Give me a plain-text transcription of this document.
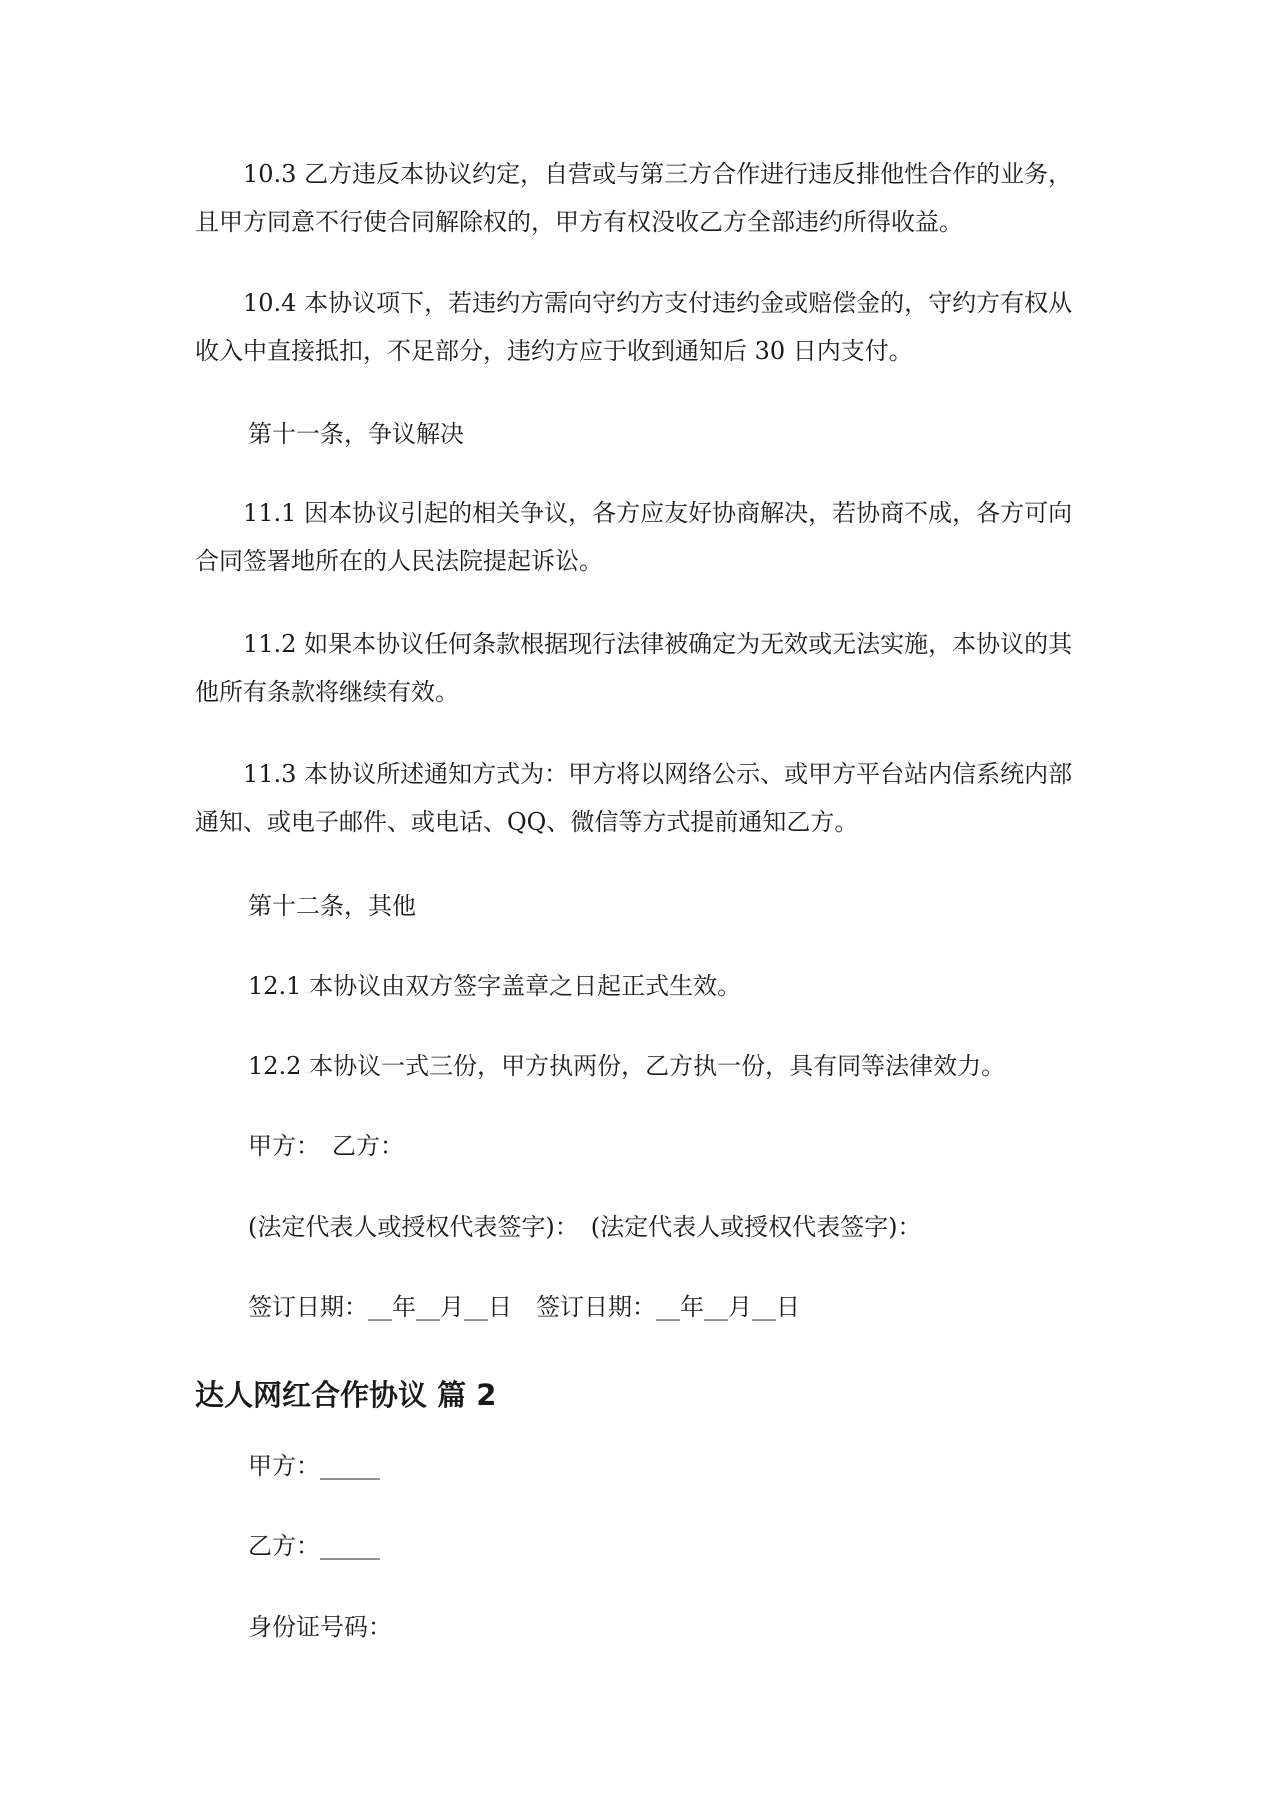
10.3 乙方违反本协议约定，自营或与第三方合作进行违反排他性合作的业务，且甲方同意不行使合同解除权的，甲方有权没收乙方全部违约所得收益。

10.4 本协议项下，若违约方需向守约方支付违约金或赔偿金的，守约方有权从收入中直接抵扣，不足部分，违约方应于收到通知后 30 日内支付。

第十一条，争议解决

11.1 因本协议引起的相关争议，各方应友好协商解决，若协商不成，各方可向合同签署地所在的人民法院提起诉讼。

11.2 如果本协议任何条款根据现行法律被确定为无效或无法实施，本协议的其他所有条款将继续有效。

11.3 本协议所述通知方式为：甲方将以网络公示、或甲方平台站内信系统内部通知、或电子邮件、或电话、QQ、微信等方式提前通知乙方。

第十二条，其他

12.1 本协议由双方签字盖章之日起正式生效。

12.2 本协议一式三份，甲方执两份，乙方执一份，具有同等法律效力。

甲方：　乙方：

(法定代表人或授权代表签字)：　(法定代表人或授权代表签字)：

签订日期：__年__月__日　签订日期：__年__月__日

达人网红合作协议 篇 2

甲方：_____

乙方：_____

身份证号码：
